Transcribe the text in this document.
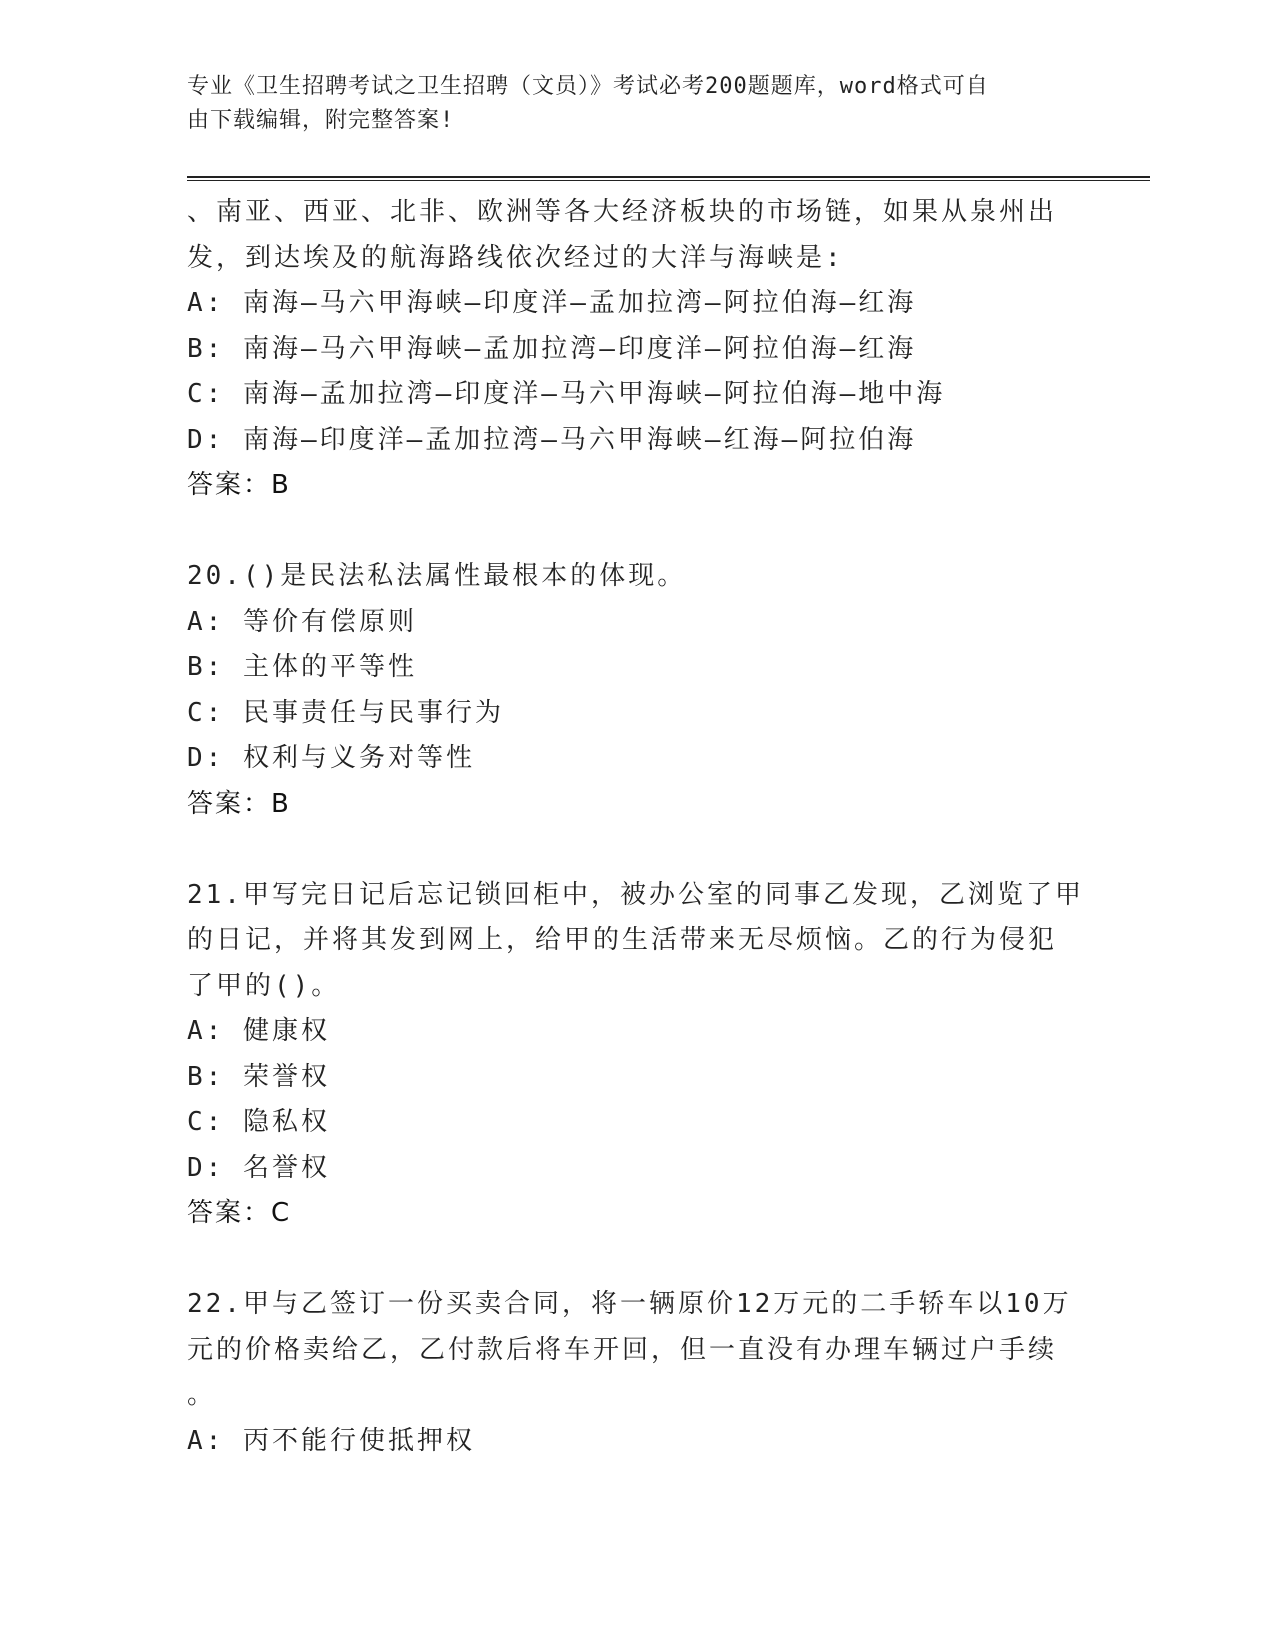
专业《卫生招聘考试之卫生招聘（文员）》考试必考200题题库，word格式可自
由下载编辑，附完整答案!
、南亚、西亚、北非、欧洲等各大经济板块的市场链，如果从泉州出
发，到达埃及的航海路线依次经过的大洋与海峡是:
A: 南海—马六甲海峡—印度洋—孟加拉湾—阿拉伯海—红海
B: 南海—马六甲海峡—孟加拉湾—印度洋—阿拉伯海—红海
C: 南海—孟加拉湾—印度洋—马六甲海峡—阿拉伯海—地中海
D: 南海—印度洋—孟加拉湾—马六甲海峡—红海—阿拉伯海
答案：B
20.()是民法私法属性最根本的体现。
A: 等价有偿原则
B: 主体的平等性
C: 民事责任与民事行为
D: 权利与义务对等性
答案：B
21.甲写完日记后忘记锁回柜中，被办公室的同事乙发现，乙浏览了甲
的日记，并将其发到网上，给甲的生活带来无尽烦恼。乙的行为侵犯
了甲的()。
A: 健康权
B: 荣誉权
C: 隐私权
D: 名誉权
答案：C
22.甲与乙签订一份买卖合同，将一辆原价12万元的二手轿车以10万
元的价格卖给乙，乙付款后将车开回，但一直没有办理车辆过户手续
。
A: 丙不能行使抵押权
